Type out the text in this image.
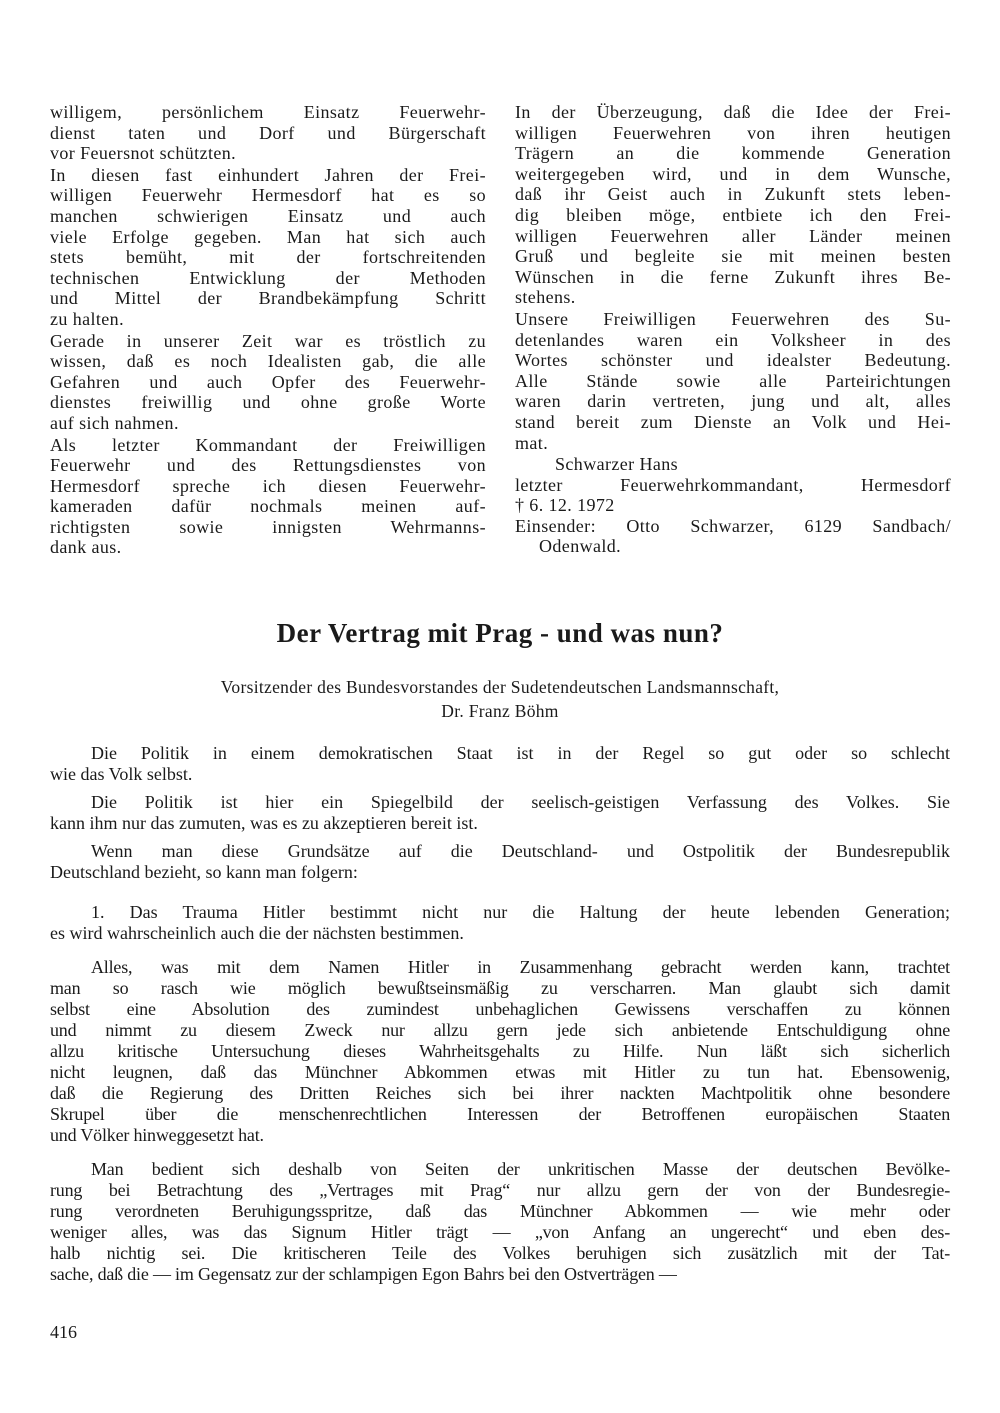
willigem, persönlichem Einsatz Feuerwehr-
dienst taten und Dorf und Bürgerschaft
vor Feuersnot schützten.
In diesen fast einhundert Jahren der Frei-
willigen Feuerwehr Hermesdorf hat es so
manchen schwierigen Einsatz und auch
viele Erfolge gegeben. Man hat sich auch
stets bemüht, mit der fortschreitenden
technischen Entwicklung der Methoden
und Mittel der Brandbekämpfung Schritt
zu halten.
Gerade in unserer Zeit war es tröstlich zu
wissen, daß es noch Idealisten gab, die alle
Gefahren und auch Opfer des Feuerwehr-
dienstes freiwillig und ohne große Worte
auf sich nahmen.
Als letzter Kommandant der Freiwilligen
Feuerwehr und des Rettungsdienstes von
Hermesdorf spreche ich diesen Feuerwehr-
kameraden dafür nochmals meinen auf-
richtigsten sowie innigsten Wehrmanns-
dank aus.
In der Überzeugung, daß die Idee der Frei-
willigen Feuerwehren von ihren heutigen
Trägern an die kommende Generation
weitergegeben wird, und in dem Wunsche,
daß ihr Geist auch in Zukunft stets leben-
dig bleiben möge, entbiete ich den Frei-
willigen Feuerwehren aller Länder meinen
Gruß und begleite sie mit meinen besten
Wünschen in die ferne Zukunft ihres Be-
stehens.
Unsere Freiwilligen Feuerwehren des Su-
detenlandes waren ein Volksheer in des
Wortes schönster und idealster Bedeutung.
Alle Stände sowie alle Parteirichtungen
waren darin vertreten, jung und alt, alles
stand bereit zum Dienste an Volk und Hei-
mat.
Schwarzer Hans
letzter Feuerwehrkommandant, Hermesdorf
† 6. 12. 1972
Einsender: Otto Schwarzer, 6129 Sandbach/
Odenwald.
Der Vertrag mit Prag - und was nun?
Vorsitzender des Bundesvorstandes der Sudetendeutschen Landsmannschaft,
Dr. Franz Böhm
Die Politik in einem demokratischen Staat ist in der Regel so gut oder so schlecht
wie das Volk selbst.
Die Politik ist hier ein Spiegelbild der seelisch-geistigen Verfassung des Volkes. Sie
kann ihm nur das zumuten, was es zu akzeptieren bereit ist.
Wenn man diese Grundsätze auf die Deutschland- und Ostpolitik der Bundesrepublik
Deutschland bezieht, so kann man folgern:
1. Das Trauma Hitler bestimmt nicht nur die Haltung der heute lebenden Generation;
es wird wahrscheinlich auch die der nächsten bestimmen.
Alles, was mit dem Namen Hitler in Zusammenhang gebracht werden kann, trachtet
man so rasch wie möglich bewußtseinsmäßig zu verscharren. Man glaubt sich damit
selbst eine Absolution des zumindest unbehaglichen Gewissens verschaffen zu können
und nimmt zu diesem Zweck nur allzu gern jede sich anbietende Entschuldigung ohne
allzu kritische Untersuchung dieses Wahrheitsgehalts zu Hilfe. Nun läßt sich sicherlich
nicht leugnen, daß das Münchner Abkommen etwas mit Hitler zu tun hat. Ebensowenig,
daß die Regierung des Dritten Reiches sich bei ihrer nackten Machtpolitik ohne besondere
Skrupel über die menschenrechtlichen Interessen der Betroffenen europäischen Staaten
und Völker hinweggesetzt hat.
Man bedient sich deshalb von Seiten der unkritischen Masse der deutschen Bevölke-
rung bei Betrachtung des „Vertrages mit Prag“ nur allzu gern der von der Bundesregie-
rung verordneten Beruhigungsspritze, daß das Münchner Abkommen — wie mehr oder
weniger alles, was das Signum Hitler trägt — „von Anfang an ungerecht“ und eben des-
halb nichtig sei. Die kritischeren Teile des Volkes beruhigen sich zusätzlich mit der Tat-
sache, daß die — im Gegensatz zur der schlampigen Egon Bahrs bei den Ostverträgen —
416
